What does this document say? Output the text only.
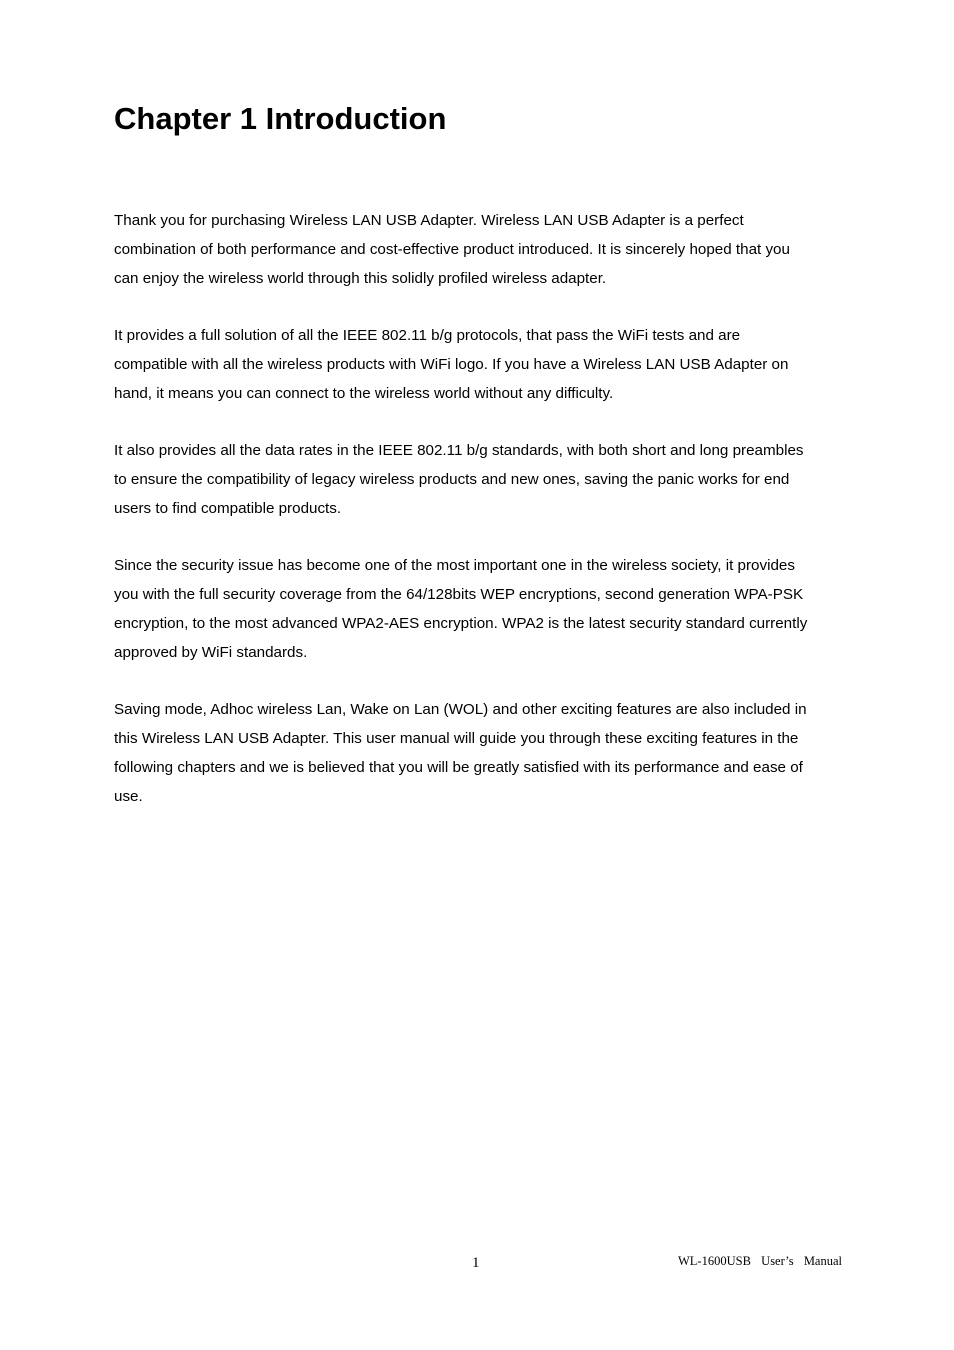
Chapter 1 Introduction

Thank you for purchasing Wireless LAN USB Adapter. Wireless LAN USB Adapter is a perfect
combination of both performance and cost-effective product introduced. It is sincerely hoped that you
can enjoy the wireless world through this solidly profiled wireless adapter.

It provides a full solution of all the IEEE 802.11 b/g protocols, that pass the WiFi tests and are
compatible with all the wireless products with WiFi logo. If you have a Wireless LAN USB Adapter on
hand, it means you can connect to the wireless world without any difficulty.

It also provides all the data rates in the IEEE 802.11 b/g standards, with both short and long preambles
to ensure the compatibility of legacy wireless products and new ones, saving the panic works for end
users to find compatible products.

Since the security issue has become one of the most important one in the wireless society, it provides
you with the full security coverage from the 64/128bits WEP encryptions, second generation WPA-PSK
encryption, to the most advanced WPA2-AES encryption. WPA2 is the latest security standard currently
approved by WiFi standards.

Saving mode, Adhoc wireless Lan, Wake on Lan (WOL) and other exciting features are also included in
this Wireless LAN USB Adapter. This user manual will guide you through these exciting features in the
following chapters and we is believed that you will be greatly satisfied with its performance and ease of
use.

1	WL-1600USB  User’s  Manual
